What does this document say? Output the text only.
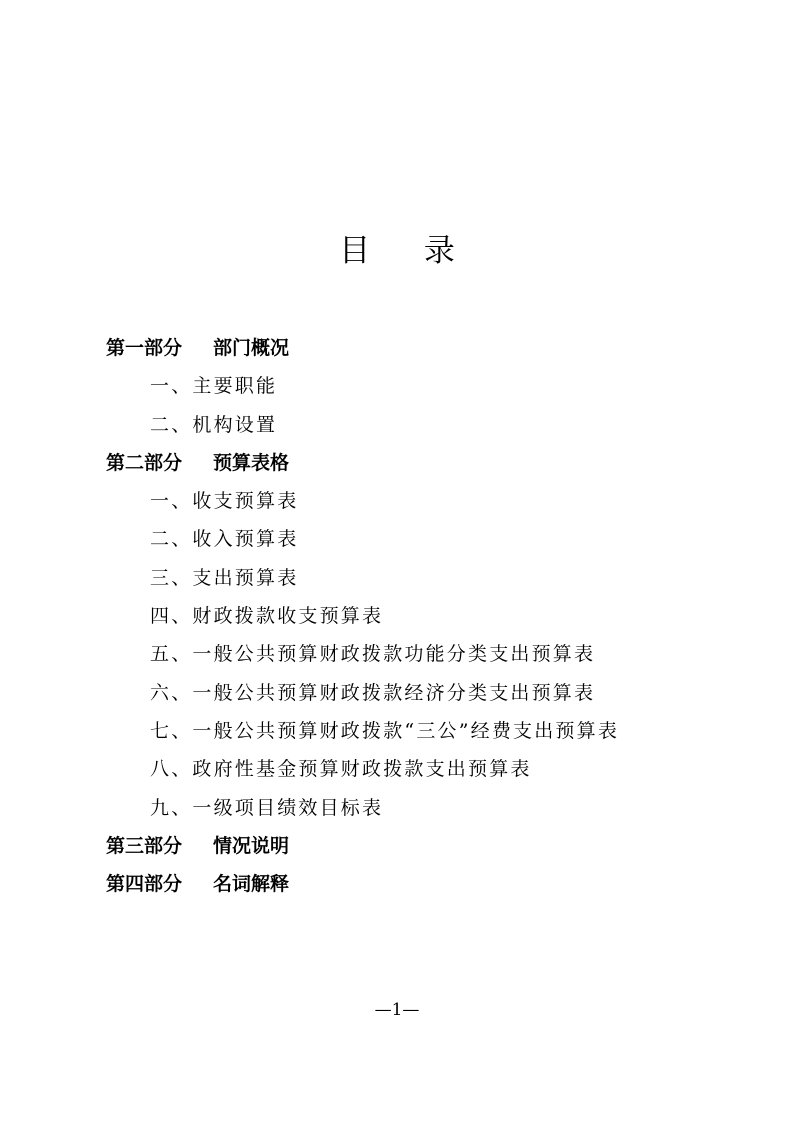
目 录
第一部分 部门概况
一、主要职能
二、机构设置
第二部分 预算表格
一、收支预算表
二、收入预算表
三、支出预算表
四、财政拨款收支预算表
五、一般公共预算财政拨款功能分类支出预算表
六、一般公共预算财政拨款经济分类支出预算表
七、一般公共预算财政拨款“三公”经费支出预算表
八、政府性基金预算财政拨款支出预算表
九、一级项目绩效目标表
第三部分 情况说明
第四部分 名词解释
—1—
